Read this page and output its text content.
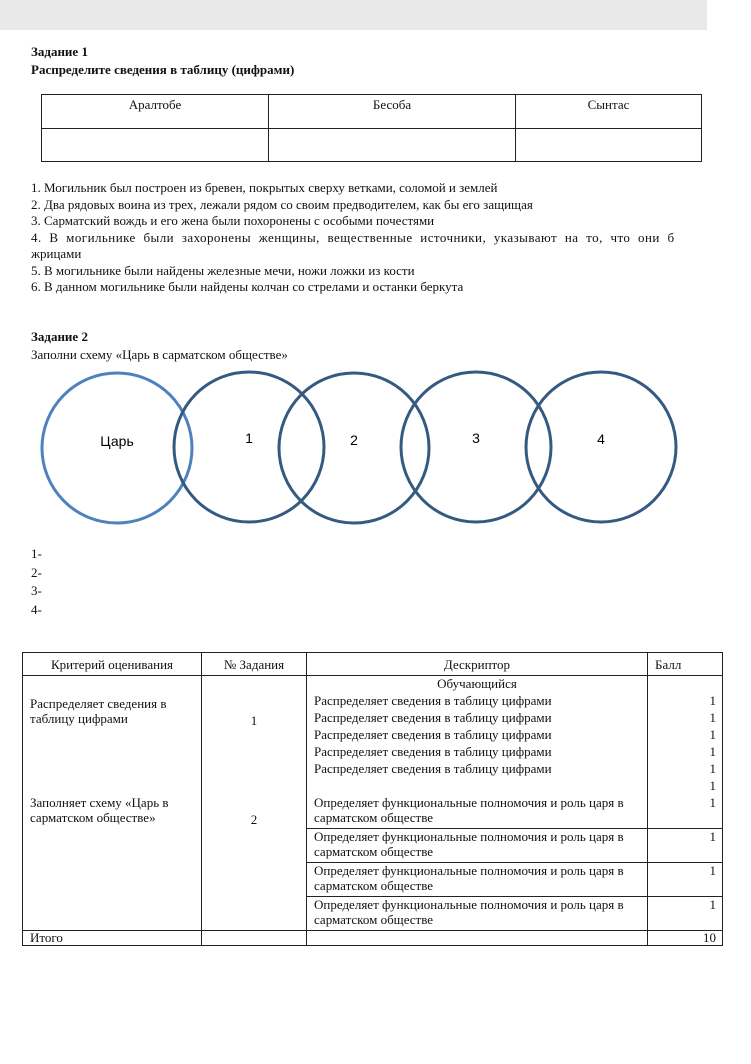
Задание 1
Распределите сведения в таблицу (цифрами)
Аралтобе	Бесоба	Сынтас

1. Могильник был построен из бревен, покрытых сверху ветками, соломой и землей
2. Два рядовых воина из трех, лежали рядом со своим предводителем, как бы его защищая
3. Сарматский вождь и его жена были похоронены с особыми почестями
4. В могильнике были захоронены женщины, вещественные источники, указывают на то, что они б
жрицами
5. В могильнике были найдены железные мечи, ножи ложки из кости
6. В данном могильнике были найдены колчан со стрелами и останки беркута
Задание 2
Заполни схему «Царь в сарматском обществе»
Царь	1	2	3	4
1-
2-
3-
4-
Критерий оценивания	№ Задания	Дескриптор	Балл

Распределяет сведения в таблицу цифрами	1	Обучающийся	
		Распределяет сведения в таблицу цифрами	1
		Распределяет сведения в таблицу цифрами	1
		Распределяет сведения в таблицу цифрами	1
		Распределяет сведения в таблицу цифрами	1
		Распределяет сведения в таблицу цифрами	1
			1

Заполняет схему «Царь в сарматском обществе»	2	Определяет функциональные полномочия и роль царя в сарматском обществе	1
		Определяет функциональные полномочия и роль царя в сарматском обществе	1
		Определяет функциональные полномочия и роль царя в сарматском обществе	1
		Определяет функциональные полномочия и роль царя в сарматском обществе	1
Итого			10
